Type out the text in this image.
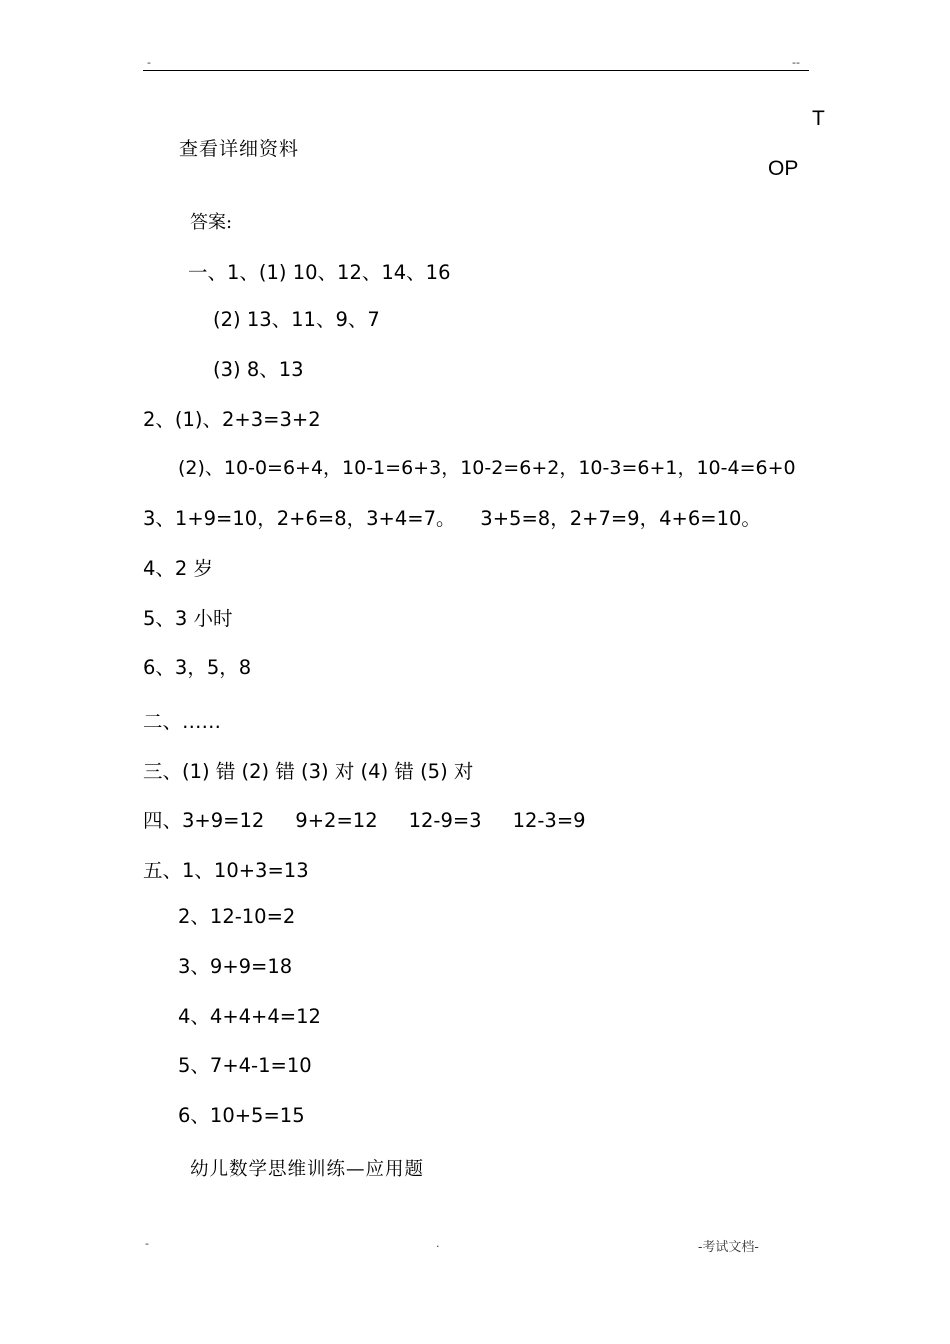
-	--
T
OP
查看详细资料
答案:
一、1、(1) 10、12、14、16
(2) 13、11、9、7
(3) 8、13
2、(1)、2+3=3+2
(2)、10-0=6+4，10-1=6+3，10-2=6+2，10-3=6+1，10-4=6+0
3、1+9=10，2+6=8，3+4=7。    3+5=8，2+7=9，4+6=10。
4、2 岁
5、3 小时
6、3，5，8
二、……
三、(1) 错 (2) 错 (3) 对 (4) 错 (5) 对
四、3+9=12     9+2=12     12-9=3     12-3=9
五、1、10+3=13
2、12-10=2
3、9+9=18
4、4+4+4=12
5、7+4-1=10
6、10+5=15
幼儿数学思维训练—应用题
-	.	-考试文档-
